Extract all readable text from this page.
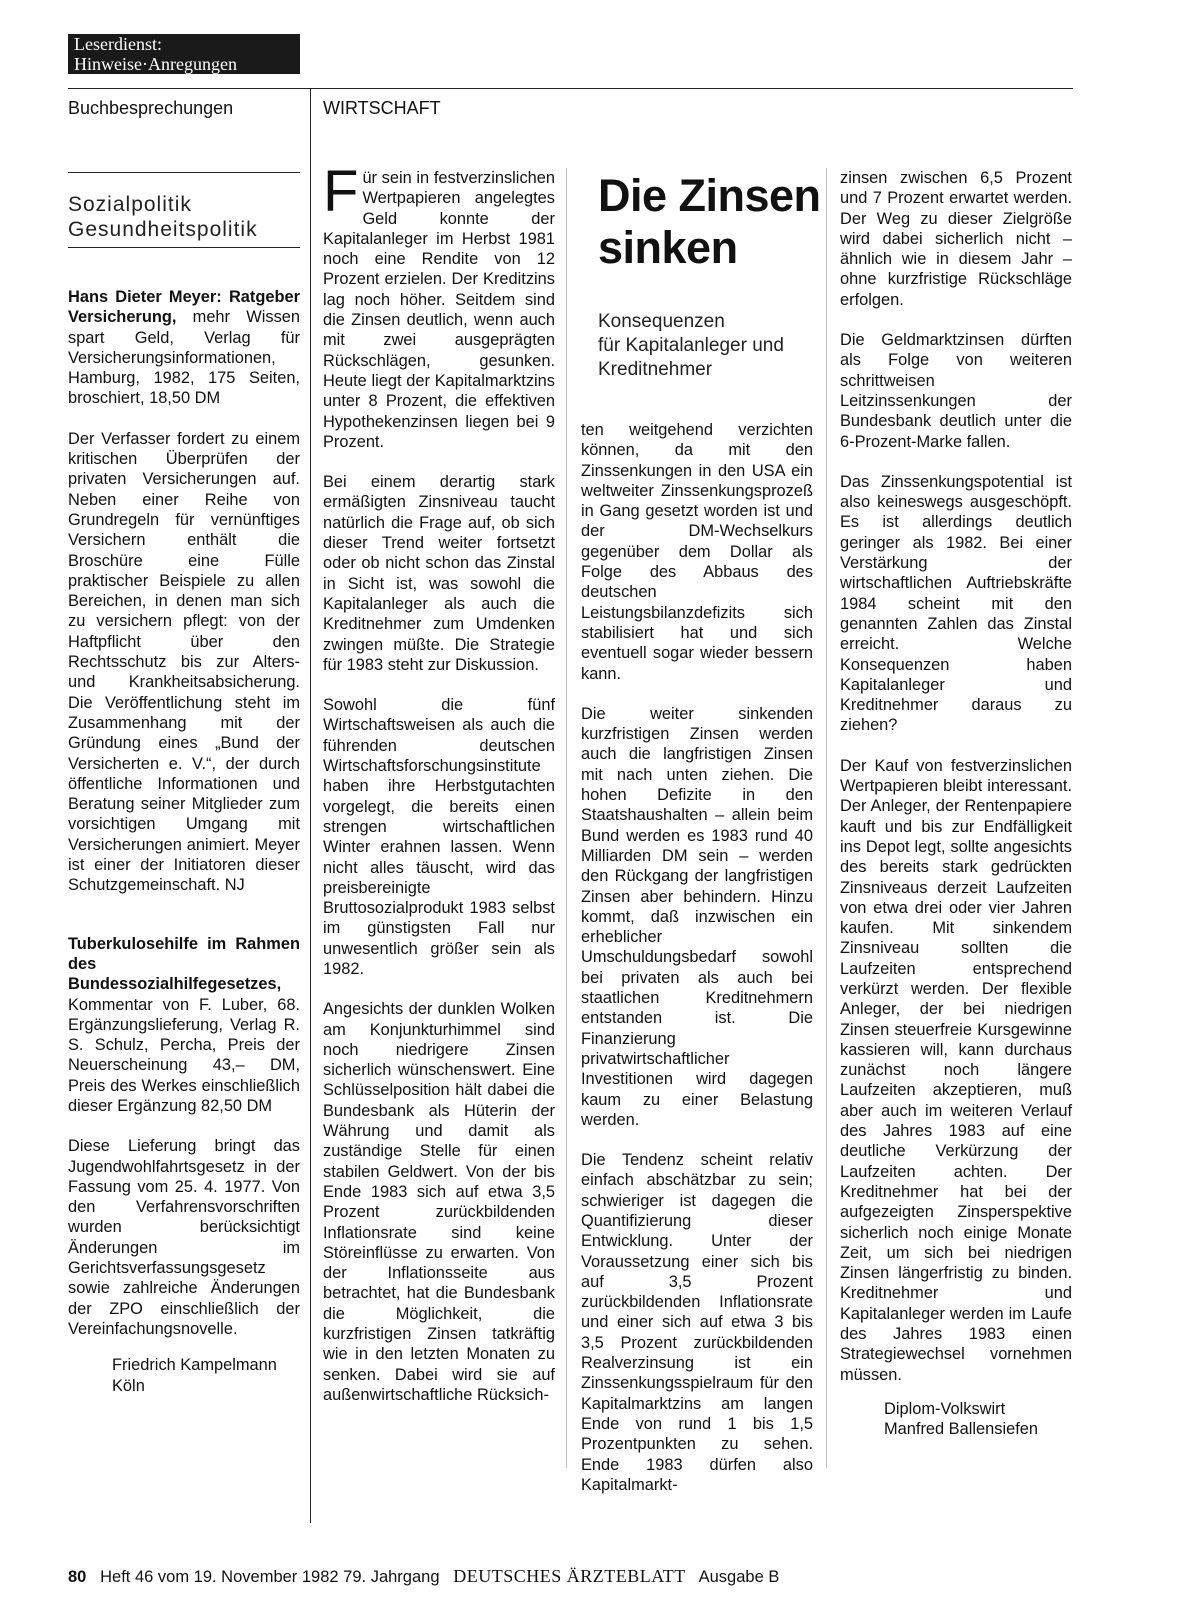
Leserdienst:
Hinweise·Anregungen
Buchbesprechungen	WIRTSCHAFT
Sozialpolitik
Gesundheitspolitik

Hans Dieter Meyer: Ratgeber Versicherung, mehr Wissen spart Geld, Verlag für Versicherungsinformationen, Hamburg, 1982, 175 Seiten, broschiert, 18,50 DM

Der Verfasser fordert zu einem kritischen Überprüfen der privaten Versicherungen auf. Neben einer Reihe von Grundregeln für vernünftiges Versichern enthält die Broschüre eine Fülle praktischer Beispiele zu allen Bereichen, in denen man sich zu versichern pflegt: von der Haftpflicht über den Rechtsschutz bis zur Alters- und Krankheitsabsicherung. Die Veröffentlichung steht im Zusammenhang mit der Gründung eines „Bund der Versicherten e. V.“, der durch öffentliche Informationen und Beratung seiner Mitglieder zum vorsichtigen Umgang mit Versicherungen animiert. Meyer ist einer der Initiatoren dieser Schutzgemeinschaft. NJ

Tuberkulosehilfe im Rahmen des Bundessozialhilfegesetzes, Kommentar von F. Luber, 68. Ergänzungslieferung, Verlag R. S. Schulz, Percha, Preis der Neuerscheinung 43,– DM, Preis des Werkes einschließlich dieser Ergänzung 82,50 DM

Diese Lieferung bringt das Jugendwohlfahrtsgesetz in der Fassung vom 25. 4. 1977. Von den Verfahrensvorschriften wurden berücksichtigt Änderungen im Gerichtsverfassungsgesetz sowie zahlreiche Änderungen der ZPO einschließlich der Vereinfachungsnovelle.

Friedrich Kampelmann
Köln

Für sein in festverzinslichen Wertpapieren angelegtes Geld konnte der Kapitalanleger im Herbst 1981 noch eine Rendite von 12 Prozent erzielen. Der Kreditzins lag noch höher. Seitdem sind die Zinsen deutlich, wenn auch mit zwei ausgeprägten Rückschlägen, gesunken. Heute liegt der Kapitalmarktzins unter 8 Prozent, die effektiven Hypothekenzinsen liegen bei 9 Prozent.

Bei einem derartig stark ermäßigten Zinsniveau taucht natürlich die Frage auf, ob sich dieser Trend weiter fortsetzt oder ob nicht schon das Zinstal in Sicht ist, was sowohl die Kapitalanleger als auch die Kreditnehmer zum Umdenken zwingen müßte. Die Strategie für 1983 steht zur Diskussion.

Sowohl die fünf Wirtschaftsweisen als auch die führenden deutschen Wirtschaftsforschungsinstitute haben ihre Herbstgutachten vorgelegt, die bereits einen strengen wirtschaftlichen Winter erahnen lassen. Wenn nicht alles täuscht, wird das preisbereinigte Bruttosozialprodukt 1983 selbst im günstigsten Fall nur unwesentlich größer sein als 1982.

Angesichts der dunklen Wolken am Konjunkturhimmel sind noch niedrigere Zinsen sicherlich wünschenswert. Eine Schlüsselposition hält dabei die Bundesbank als Hüterin der Währung und damit als zuständige Stelle für einen stabilen Geldwert. Von der bis Ende 1983 sich auf etwa 3,5 Prozent zurückbildenden Inflationsrate sind keine Störeinflüsse zu erwarten. Von der Inflationsseite aus betrachtet, hat die Bundesbank die Möglichkeit, die kurzfristigen Zinsen tatkräftig wie in den letzten Monaten zu senken. Dabei wird sie auf außenwirtschaftliche Rücksich-

Die Zinsen
sinken
Konsequenzen
für Kapitalanleger und
Kreditnehmer

ten weitgehend verzichten können, da mit den Zinssenkungen in den USA ein weltweiter Zinssenkungsprozeß in Gang gesetzt worden ist und der DM-Wechselkurs gegenüber dem Dollar als Folge des Abbaus des deutschen Leistungsbilanzdefizits sich stabilisiert hat und sich eventuell sogar wieder bessern kann.

Die weiter sinkenden kurzfristigen Zinsen werden auch die langfristigen Zinsen mit nach unten ziehen. Die hohen Defizite in den Staatshaushalten – allein beim Bund werden es 1983 rund 40 Milliarden DM sein – werden den Rückgang der langfristigen Zinsen aber behindern. Hinzu kommt, daß inzwischen ein erheblicher Umschuldungsbedarf sowohl bei privaten als auch bei staatlichen Kreditnehmern entstanden ist. Die Finanzierung privatwirtschaftlicher Investitionen wird dagegen kaum zu einer Belastung werden.

Die Tendenz scheint relativ einfach abschätzbar zu sein; schwieriger ist dagegen die Quantifizierung dieser Entwicklung. Unter der Voraussetzung einer sich bis auf 3,5 Prozent zurückbildenden Inflationsrate und einer sich auf etwa 3 bis 3,5 Prozent zurückbildenden Realverzinsung ist ein Zinssenkungsspielraum für den Kapitalmarktzins am langen Ende von rund 1 bis 1,5 Prozentpunkten zu sehen. Ende 1983 dürfen also Kapitalmarkt-

zinsen zwischen 6,5 Prozent und 7 Prozent erwartet werden. Der Weg zu dieser Zielgröße wird dabei sicherlich nicht – ähnlich wie in diesem Jahr – ohne kurzfristige Rückschläge erfolgen.

Die Geldmarktzinsen dürften als Folge von weiteren schrittweisen Leitzinssenkungen der Bundesbank deutlich unter die 6-Prozent-Marke fallen.

Das Zinssenkungspotential ist also keineswegs ausgeschöpft. Es ist allerdings deutlich geringer als 1982. Bei einer Verstärkung der wirtschaftlichen Auftriebskräfte 1984 scheint mit den genannten Zahlen das Zinstal erreicht. Welche Konsequenzen haben Kapitalanleger und Kreditnehmer daraus zu ziehen?

Der Kauf von festverzinslichen Wertpapieren bleibt interessant. Der Anleger, der Rentenpapiere kauft und bis zur Endfälligkeit ins Depot legt, sollte angesichts des bereits stark gedrückten Zinsniveaus derzeit Laufzeiten von etwa drei oder vier Jahren kaufen. Mit sinkendem Zinsniveau sollten die Laufzeiten entsprechend verkürzt werden. Der flexible Anleger, der bei niedrigen Zinsen steuerfreie Kursgewinne kassieren will, kann durchaus zunächst noch längere Laufzeiten akzeptieren, muß aber auch im weiteren Verlauf des Jahres 1983 auf eine deutliche Verkürzung der Laufzeiten achten. Der Kreditnehmer hat bei der aufgezeigten Zinsperspektive sicherlich noch einige Monate Zeit, um sich bei niedrigen Zinsen längerfristig zu binden. Kreditnehmer und Kapitalanleger werden im Laufe des Jahres 1983 einen Strategiewechsel vornehmen müssen.

Diplom-Volkswirt
Manfred Ballensiefen

80 Heft 46 vom 19. November 1982 79. Jahrgang DEUTSCHES ÄRZTEBLATT Ausgabe B
